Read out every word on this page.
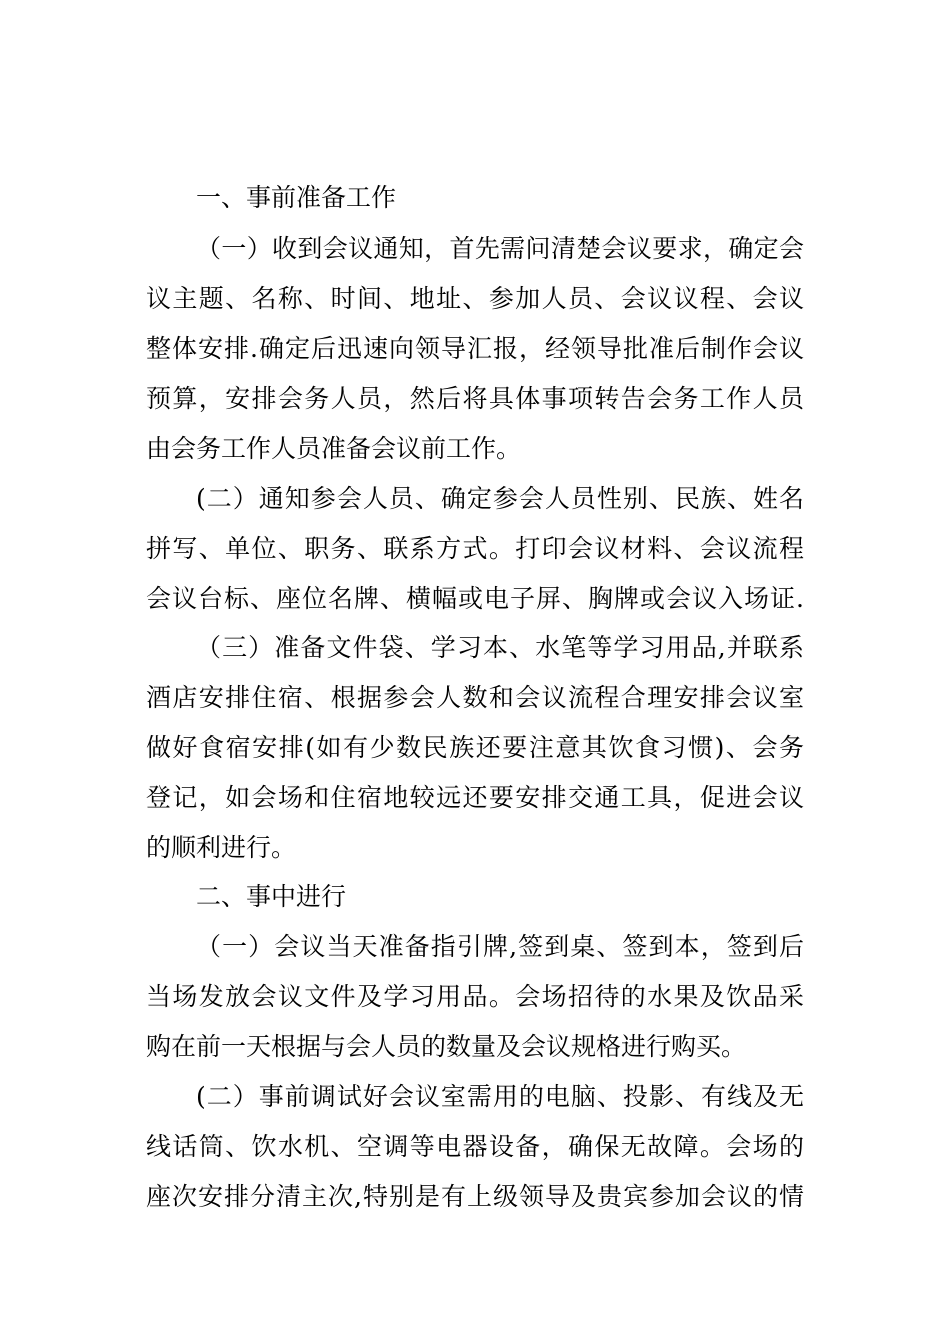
一、事前准备工作
（一）收到会议通知，首先需问清楚会议要求，确定会
议主题、名称、时间、地址、参加人员、会议议程、会议
整体安排.确定后迅速向领导汇报，经领导批准后制作会议
预算，安排会务人员，然后将具体事项转告会务工作人员
由会务工作人员准备会议前工作。
(二）通知参会人员、确定参会人员性别、民族、姓名
拼写、单位、职务、联系方式。打印会议材料、会议流程
会议台标、座位名牌、横幅或电子屏、胸牌或会议入场证.
（三）准备文件袋、学习本、水笔等学习用品,并联系
酒店安排住宿、根据参会人数和会议流程合理安排会议室
做好食宿安排(如有少数民族还要注意其饮食习惯)、会务
登记，如会场和住宿地较远还要安排交通工具，促进会议
的顺利进行。
二、事中进行
（一）会议当天准备指引牌,签到桌、签到本，签到后
当场发放会议文件及学习用品。会场招待的水果及饮品采
购在前一天根据与会人员的数量及会议规格进行购买。
(二）事前调试好会议室需用的电脑、投影、有线及无
线话筒、饮水机、空调等电器设备，确保无故障。会场的
座次安排分清主次,特别是有上级领导及贵宾参加会议的情
